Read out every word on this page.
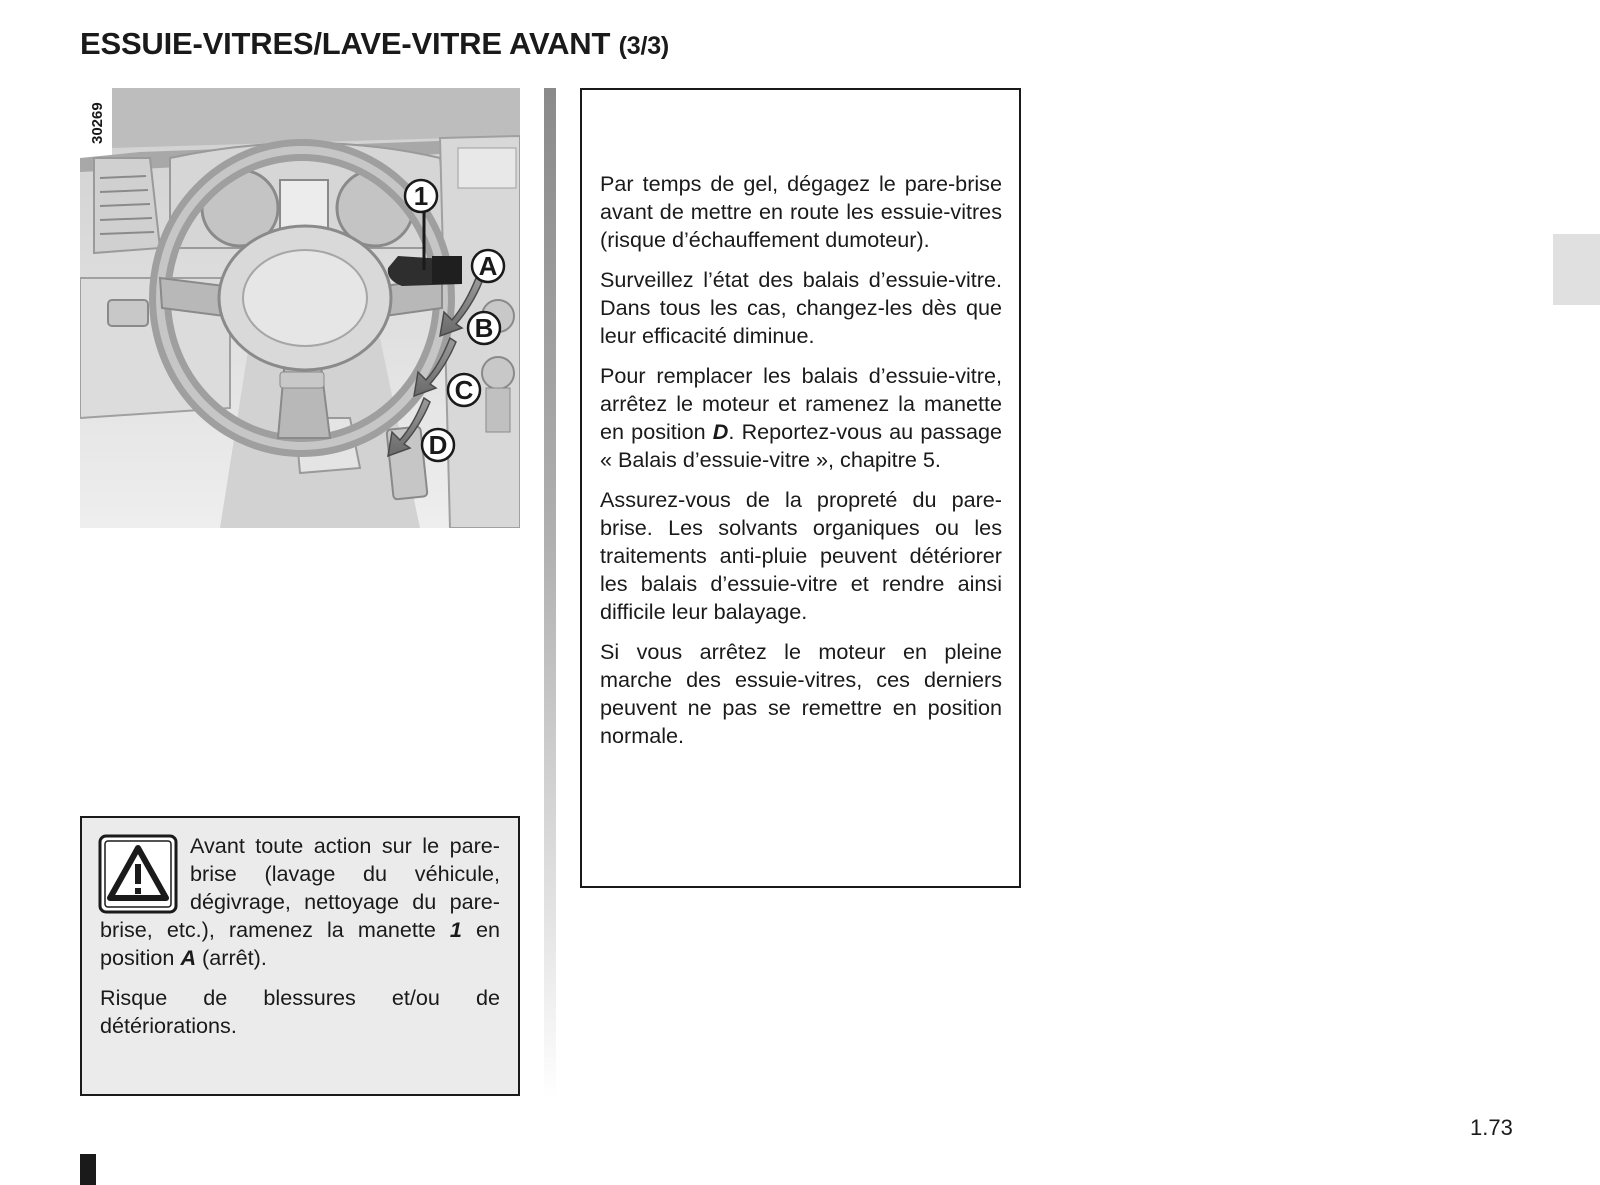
ESSUIE-VITRES/LAVE-VITRE AVANT (3/3)
1
A
B
C
D
30269

Avant toute action sur le pare-brise (lavage du véhicule, dégivrage, nettoyage du pare-brise, etc.), ramenez la manette 1 en position A (arrêt).

Risque de blessures et/ou de détériorations.

Par temps de gel, dégagez le pare-brise avant de mettre en route les essuie-vitres (risque d’échauffement dumoteur).

Surveillez l’état des balais d’essuie-vitre. Dans tous les cas, changez-les dès que leur efficacité diminue.

Pour remplacer les balais d’essuie-vitre, arrêtez le moteur et ramenez la manette en position D. Reportez-vous au passage « Balais d’essuie-vitre », chapitre 5.

Assurez-vous de la propreté du pare-brise. Les solvants organiques ou les traitements anti-pluie peuvent détériorer les balais d’essuie-vitre et rendre ainsi difficile leur balayage.

Si vous arrêtez le moteur en pleine marche des essuie-vitres, ces derniers peuvent ne pas se remettre en position normale.

1.73
